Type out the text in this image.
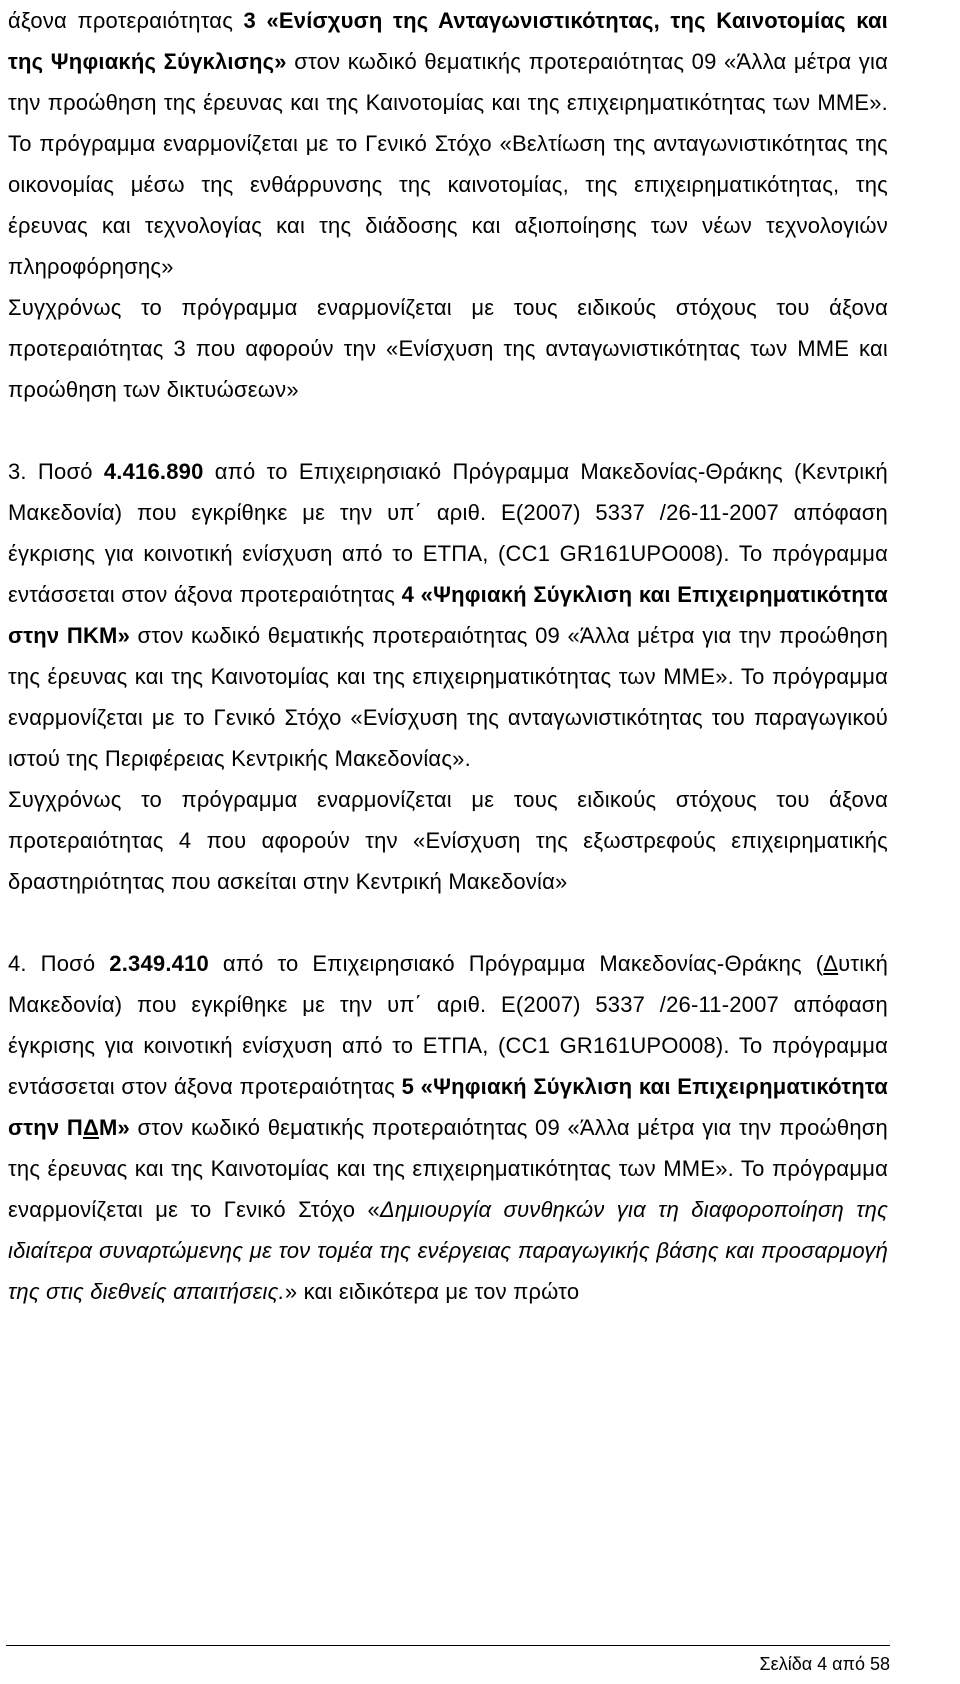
άξονα προτεραιότητας 3 «Ενίσχυση της Ανταγωνιστικότητας, της Καινοτομίας και της Ψηφιακής Σύγκλισης» στον κωδικό θεματικής προτεραιότητας 09 «Άλλα μέτρα για την προώθηση της έρευνας και της Καινοτομίας και της επιχειρηματικότητας των ΜΜΕ». Το πρόγραμμα εναρμονίζεται με το Γενικό Στόχο «Βελτίωση της ανταγωνιστικότητας της οικονομίας μέσω της ενθάρρυνσης της καινοτομίας, της επιχειρηματικότητας, της έρευνας και τεχνολογίας και της διάδοσης και αξιοποίησης των νέων τεχνολογιών πληροφόρησης»

Συγχρόνως το πρόγραμμα εναρμονίζεται με τους ειδικούς στόχους του άξονα προτεραιότητας 3 που αφορούν την «Ενίσχυση της ανταγωνιστικότητας των ΜΜΕ και προώθηση των δικτυώσεων»

3. Ποσό 4.416.890 από το Επιχειρησιακό Πρόγραμμα Μακεδονίας-Θράκης (Κεντρική Μακεδονία) που εγκρίθηκε με την υπ΄ αριθ. Ε(2007) 5337 /26-11-2007 απόφαση έγκρισης για κοινοτική ενίσχυση από το ΕΤΠΑ, (CC1 GR161UPO008). Το πρόγραμμα εντάσσεται στον άξονα προτεραιότητας 4 «Ψηφιακή Σύγκλιση και Επιχειρηματικότητα στην ΠΚΜ» στον κωδικό θεματικής προτεραιότητας 09 «Άλλα μέτρα για την προώθηση της έρευνας και της Καινοτομίας και της επιχειρηματικότητας των ΜΜΕ». Το πρόγραμμα εναρμονίζεται με το Γενικό Στόχο «Ενίσχυση της ανταγωνιστικότητας του παραγωγικού ιστού της Περιφέρειας Κεντρικής Μακεδονίας».

Συγχρόνως το πρόγραμμα εναρμονίζεται με τους ειδικούς στόχους του άξονα προτεραιότητας 4 που αφορούν την «Ενίσχυση της εξωστρεφούς επιχειρηματικής δραστηριότητας που ασκείται στην Κεντρική Μακεδονία»

4. Ποσό 2.349.410 από το Επιχειρησιακό Πρόγραμμα Μακεδονίας-Θράκης (Δυτική Μακεδονία) που εγκρίθηκε με την υπ΄ αριθ. Ε(2007) 5337 /26-11-2007 απόφαση έγκρισης για κοινοτική ενίσχυση από το ΕΤΠΑ, (CC1 GR161UPO008). Το πρόγραμμα εντάσσεται στον άξονα προτεραιότητας 5 «Ψηφιακή Σύγκλιση και Επιχειρηματικότητα στην ΠΔΜ» στον κωδικό θεματικής προτεραιότητας 09 «Άλλα μέτρα για την προώθηση της έρευνας και της Καινοτομίας και της επιχειρηματικότητας των ΜΜΕ». Το πρόγραμμα εναρμονίζεται με το Γενικό Στόχο «Δημιουργία συνθηκών για τη διαφοροποίηση της ιδιαίτερα συναρτώμενης με τον τομέα της ενέργειας παραγωγικής βάσης και προσαρμογή της στις διεθνείς απαιτήσεις.» και ειδικότερα με τον πρώτο

Σελίδα 4 από 58
